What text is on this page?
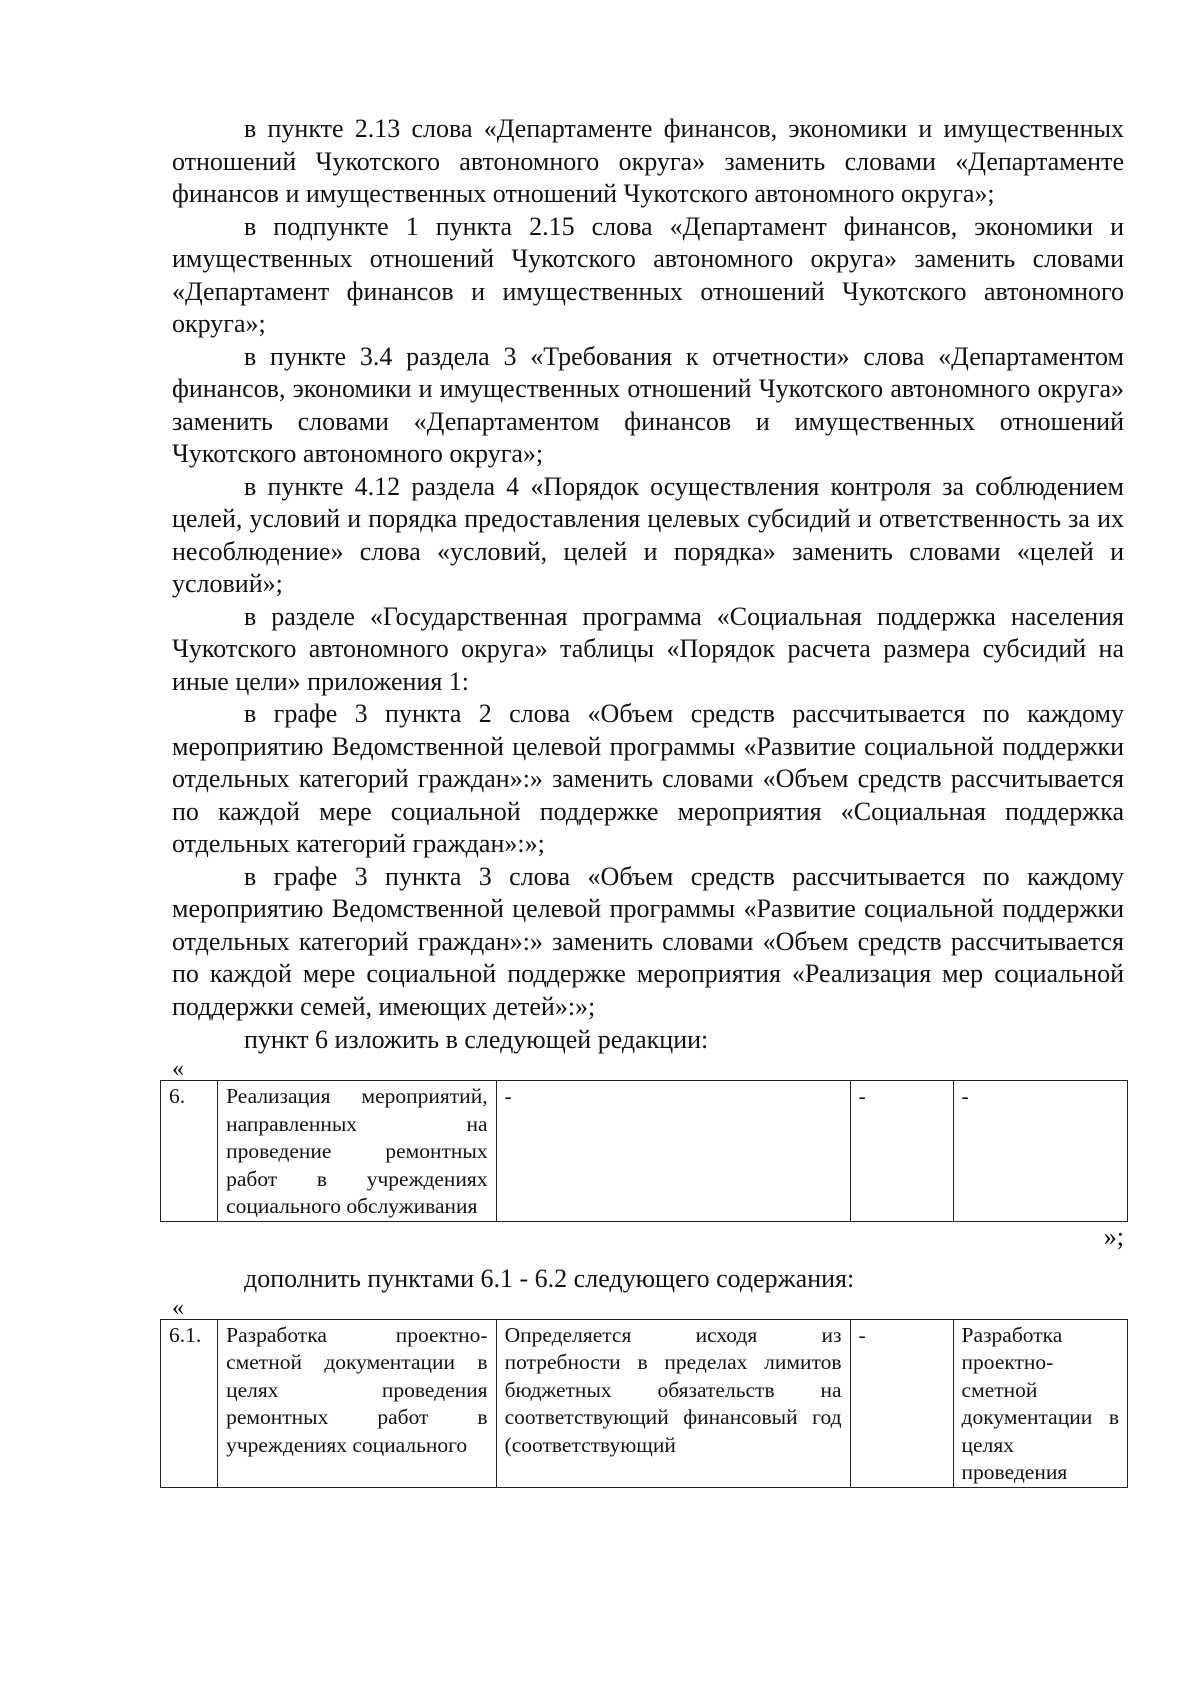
в пункте 2.13 слова «Департаменте финансов, экономики и имущественных отношений Чукотского автономного округа» заменить словами «Департаменте финансов и имущественных отношений Чукотского автономного округа»;

в подпункте 1 пункта 2.15 слова «Департамент финансов, экономики и имущественных отношений Чукотского автономного округа» заменить словами «Департамент финансов и имущественных отношений Чукотского автономного округа»;

в пункте 3.4 раздела 3 «Требования к отчетности» слова «Департаментом финансов, экономики и имущественных отношений Чукотского автономного округа» заменить словами «Департаментом финансов и имущественных отношений Чукотского автономного округа»;

в пункте 4.12 раздела 4 «Порядок осуществления контроля за соблюдением целей, условий и порядка предоставления целевых субсидий и ответственность за их несоблюдение» слова «условий, целей и порядка» заменить словами «целей и условий»;

в разделе «Государственная программа «Социальная поддержка населения Чукотского автономного округа» таблицы «Порядок расчета размера субсидий на иные цели» приложения 1:

в графе 3 пункта 2 слова «Объем средств рассчитывается по каждому мероприятию Ведомственной целевой программы «Развитие социальной поддержки отдельных категорий граждан»:» заменить словами «Объем средств рассчитывается по каждой мере социальной поддержке мероприятия «Социальная поддержка отдельных категорий граждан»:»;

в графе 3 пункта 3 слова «Объем средств рассчитывается по каждому мероприятию Ведомственной целевой программы «Развитие социальной поддержки отдельных категорий граждан»:» заменить словами «Объем средств рассчитывается по каждой мере социальной поддержке мероприятия «Реализация мер социальной поддержки семей, имеющих детей»:»;

пункт 6 изложить в следующей редакции:

«

6.	Реализация мероприятий, направленных на проведение ремонтных работ в учреждениях социального обслуживания	-	-	-

»;

дополнить пунктами 6.1 - 6.2 следующего содержания:

«

6.1.	Разработка проектно-сметной документации в целях проведения ремонтных работ в учреждениях социального	Определяется исходя из потребности в пределах лимитов бюджетных обязательств на соответствующий финансовый год (соответствующий	-	Разработка проектно-сметной документации в целях проведения
